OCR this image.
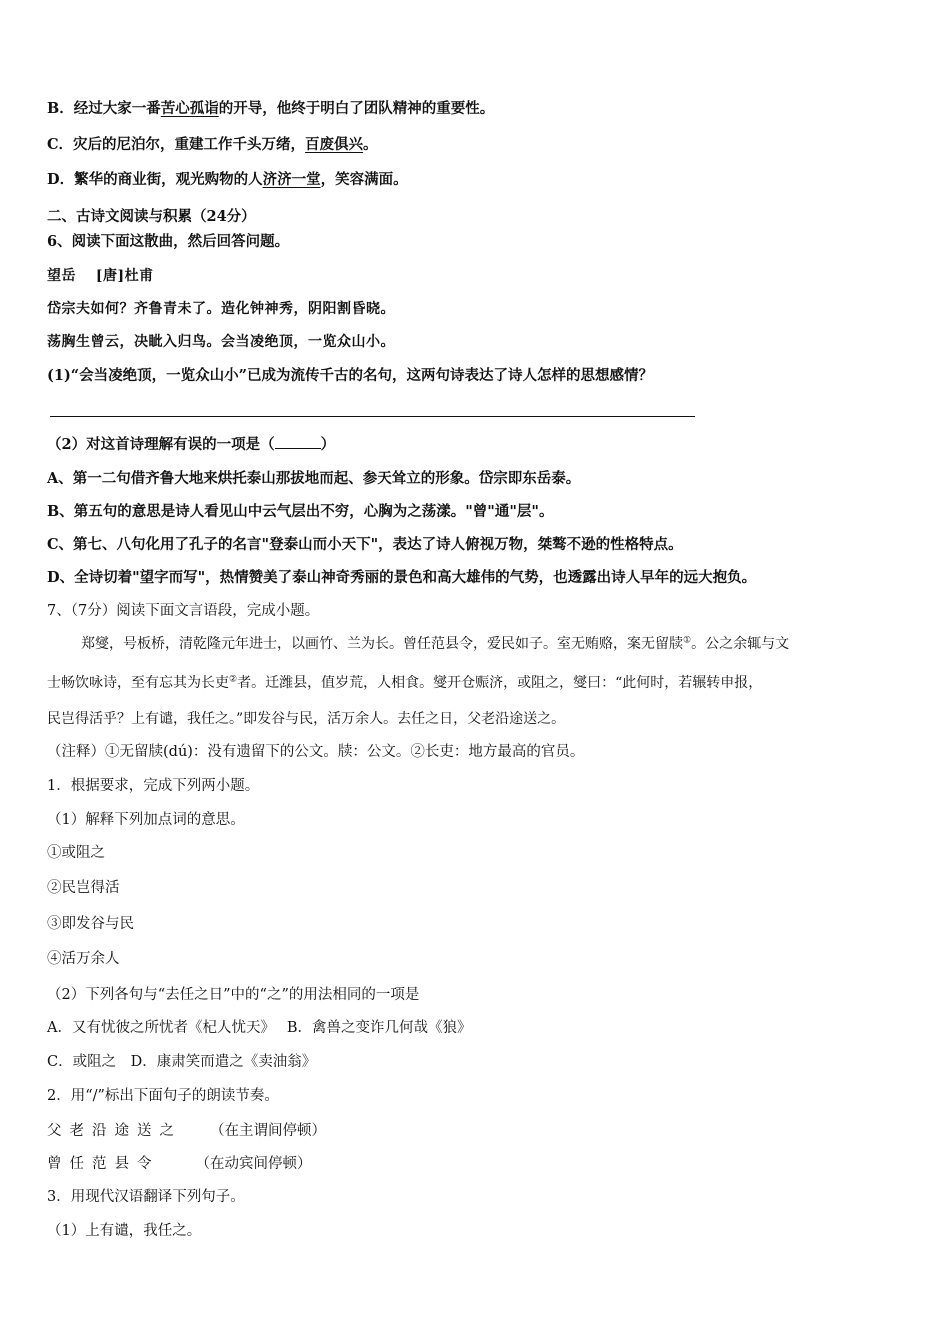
B．经过大家一番苦心孤诣的开导，他终于明白了团队精神的重要性。
C．灾后的尼泊尔，重建工作千头万绪，百废俱兴。
D．繁华的商业街，观光购物的人济济一堂，笑容满面。
二、古诗文阅读与积累（24分）
6、阅读下面这散曲，然后回答问题。
望岳　 [唐]杜甫
岱宗夫如何？齐鲁青未了。造化钟神秀，阴阳割昏晓。
荡胸生曾云，决眦入归鸟。会当凌绝顶，一览众山小。
(1)“会当凌绝顶，一览众山小”已成为流传千古的名句，这两句诗表达了诗人怎样的思想感情？
（2）对这首诗理解有误的一项是（	）
A、第一二句借齐鲁大地来烘托泰山那拔地而起、参天耸立的形象。岱宗即东岳泰。
B、第五句的意思是诗人看见山中云气层出不穷，心胸为之荡漾。"曾"通"层"。
C、第七、八句化用了孔子的名言"登泰山而小天下"，表达了诗人俯视万物，桀骜不逊的性格特点。
D、全诗切着"望字而写"，热情赞美了泰山神奇秀丽的景色和高大雄伟的气势，也透露出诗人早年的远大抱负。
7、（7分）阅读下面文言语段，完成小题。
郑燮，号板桥，清乾隆元年进士，以画竹、兰为长。曾任范县令，爱民如子。室无贿赂，案无留牍①。公之余辄与文
士畅饮咏诗，至有忘其为长吏②者。迁潍县，值岁荒，人相食。燮开仓赈济，或阻之，燮曰：“此何时，若辗转申报，
民岂得活乎？上有谴，我任之。”即发谷与民，活万余人。去任之日，父老沿途送之。
（注释）①无留牍(dú)：没有遗留下的公文。牍：公文。②长吏：地方最高的官员。
1．根据要求，完成下列两小题。
（1）解释下列加点词的意思。
①或阻之
②民岂得活
③即发谷与民
④活万余人
（2）下列各句与“去任之日”中的“之”的用法相同的一项是
A．又有忧彼之所忧者《杞人忧天》　 B．禽兽之变诈几何哉《狼》
C．或阻之　D．康肃笑而遣之《卖油翁》
2．用“/”标出下面句子的朗读节奏。
父老沿途送之 （在主谓间停顿）
曾任范县令 （在动宾间停顿）
3．用现代汉语翻译下列句子。
（1）上有谴，我任之。
